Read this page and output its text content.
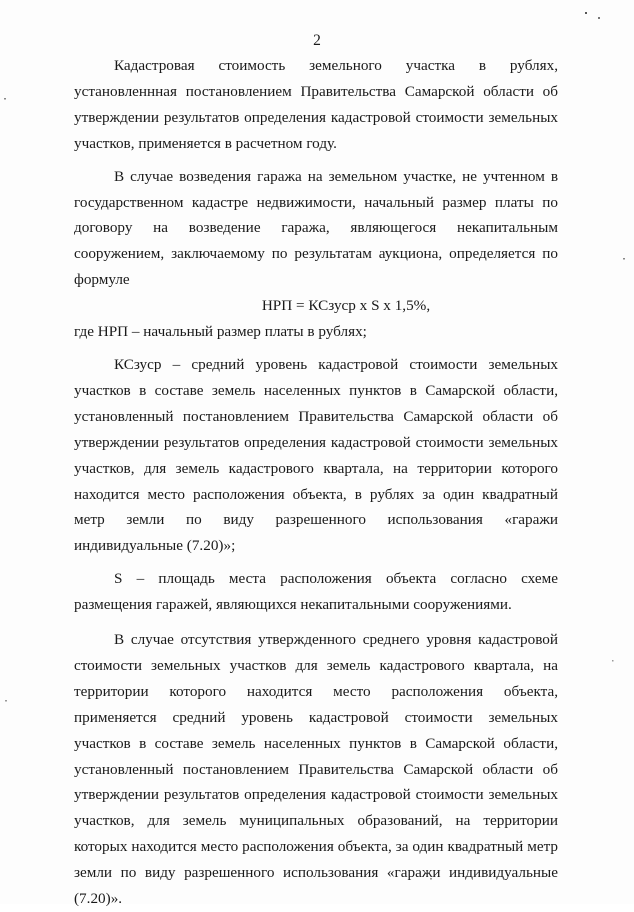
2

Кадастровая стоимость земельного участка в рублях, установленнная постановлением Правительства Самарской области об утверждении результатов определения кадастровой стоимости земельных участков, применяется в расчетном году.

В случае возведения гаража на земельном участке, не учтенном в государственном кадастре недвижимости, начальный размер платы по договору на возведение гаража, являющегося некапитальным сооружением, заключаемому по результатам аукциона, определяется по формуле

НРП = КСзуср х S х 1,5%,

где НРП – начальный размер платы в рублях;

КСзуср – средний уровень кадастровой стоимости земельных участков в составе земель населенных пунктов в Самарской области, установленный постановлением Правительства Самарской области об утверждении результатов определения кадастровой стоимости земельных участков, для земель кадастрового квартала, на территории которого находится место расположения объекта, в рублях за один квадратный метр земли по виду разрешенного использования «гаражи индивидуальные (7.20)»;

S – площадь места расположения объекта согласно схеме размещения гаражей, являющихся некапитальными сооружениями.

В случае отсутствия утвержденного среднего уровня кадастровой стоимости земельных участков для земель кадастрового квартала, на территории которого находится место расположения объекта, применяется средний уровень кадастровой стоимости земельных участков в составе земель населенных пунктов в Самарской области, установленный постановлением Правительства Самарской области об утверждении результатов определения кадастровой стоимости земельных участков, для земель муниципальных образований, на территории которых находится место расположения объекта, за один квадратный метр земли по виду разрешенного использования «гаражи индивидуальные (7.20)».
